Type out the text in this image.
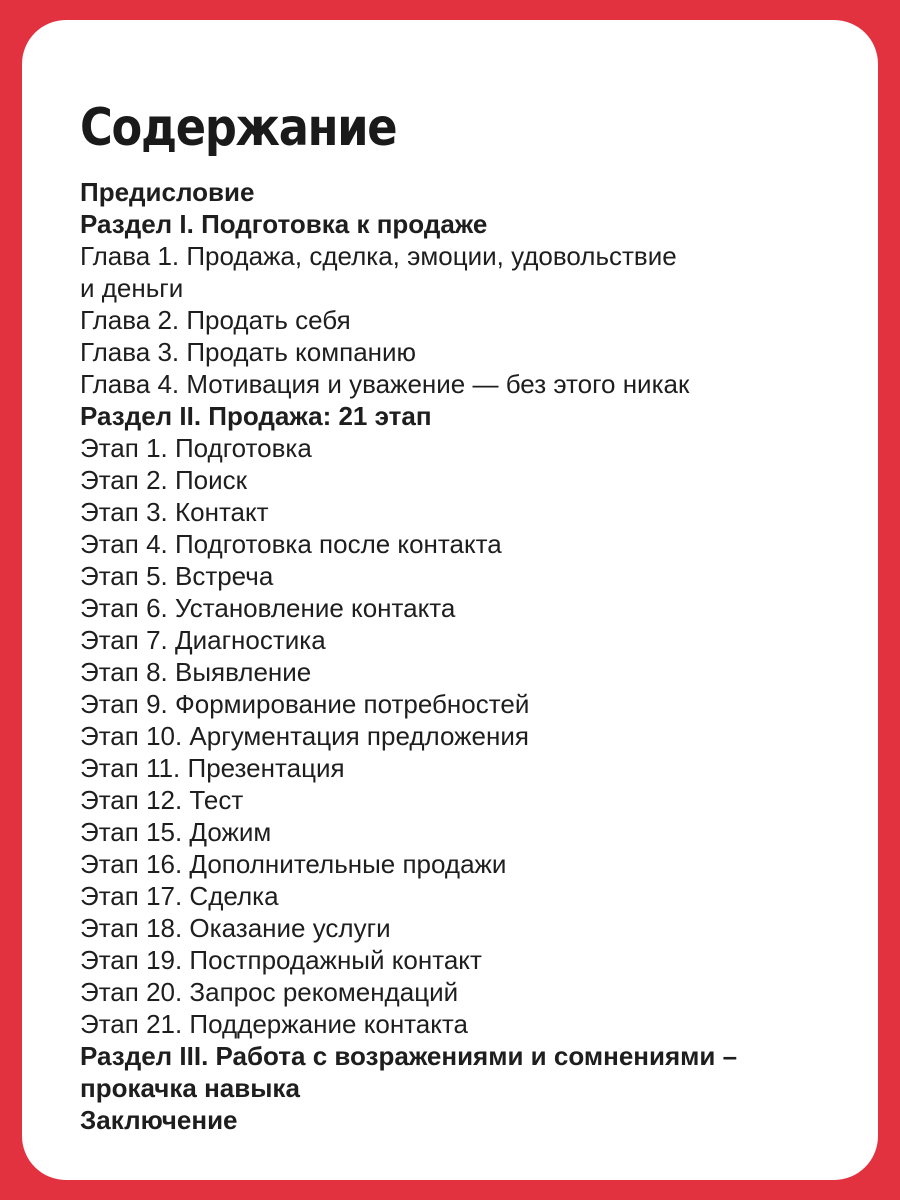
Содержание
Предисловие
Раздел I. Подготовка к продаже
Глава 1. Продажа, сделка, эмоции, удовольствие
и деньги
Глава 2. Продать себя
Глава 3. Продать компанию
Глава 4. Мотивация и уважение — без этого никак
Раздел II. Продажа: 21 этап
Этап 1. Подготовка
Этап 2. Поиск
Этап 3. Контакт
Этап 4. Подготовка после контакта
Этап 5. Встреча
Этап 6. Установление контакта
Этап 7. Диагностика
Этап 8. Выявление
Этап 9. Формирование потребностей
Этап 10. Аргументация предложения
Этап 11. Презентация
Этап 12. Тест
Этап 15. Дожим
Этап 16. Дополнительные продажи
Этап 17. Сделка
Этап 18. Оказание услуги
Этап 19. Постпродажный контакт
Этап 20. Запрос рекомендаций
Этап 21. Поддержание контакта
Раздел III. Работа с возражениями и сомнениями –
прокачка навыка
Заключение
